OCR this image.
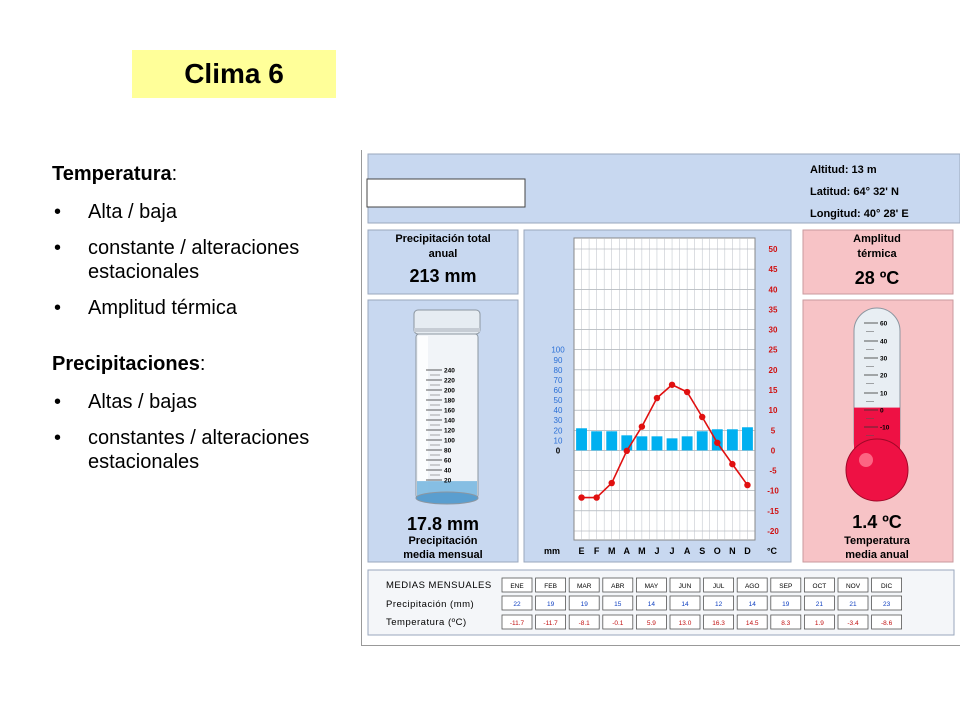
Clima 6
Temperatura:
• Alta / baja
• constante / alteraciones estacionales
• Amplitud térmica
Precipitaciones:
• Altas / bajas
• constantes / alteraciones estacionales
Altitud: 13 m
Latitud: 64° 32' N
Longitud: 40° 28' E
Precipitación total
anual
213 mm
240
220
200
180
160
140
120
100
80
60
40
20
17.8 mm
Precipitación
media mensual
100
90
80
70
60
50
40
30
20
10
0
50
45
40
35
30
25
20
15
10
5
0
-5
-10
-15
-20
E F M A M J J A S O N D
mm	°C
Amplitud
térmica
28 ºC
60
40
30
20
10
0
-10
1.4 ºC
Temperatura
media anual
MEDIAS MENSUALES
Precipitación (mm)
Temperatura (ºC)
ENE	FEB	MAR	ABR	MAY	JUN	JUL	AGO	SEP	OCT	NOV	DIC
22	19	19	15	14	14	12	14	19	21	21	23
-11.7	-11.7	-8.1	-0.1	5.9	13.0	16.3	14.5	8.3	1.9	-3.4	-8.6
